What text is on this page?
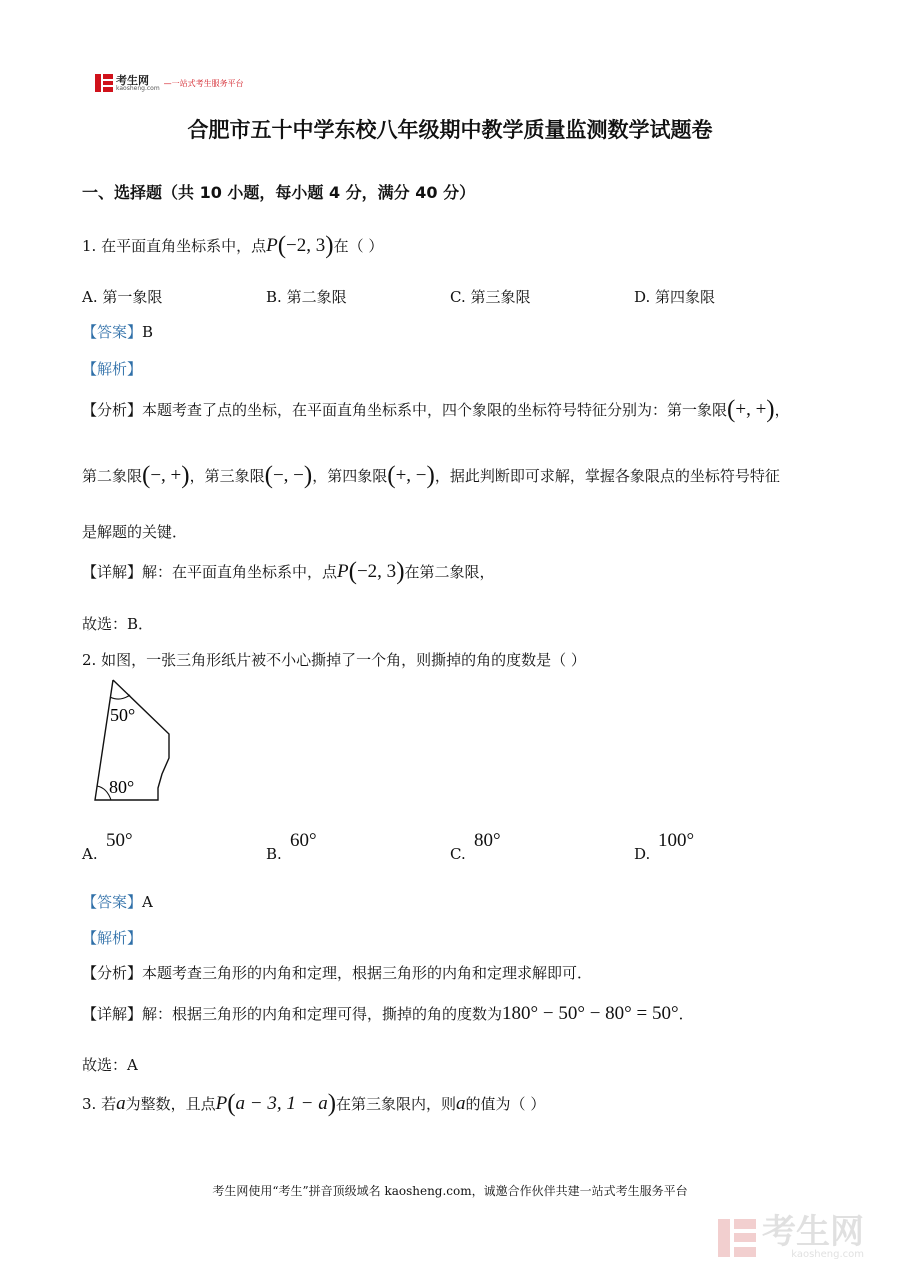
考生网
kaosheng.com
—一站式考生服务平台
合肥市五十中学东校八年级期中教学质量监测数学试题卷
一、选择题（共 10 小题，每小题 4 分，满分 40 分）
1. 在平面直角坐标系中，点P(−2, 3)在（ ）
A. 第一象限	B. 第二象限	C. 第三象限	D. 第四象限
【答案】B
【解析】
【分析】本题考查了点的坐标，在平面直角坐标系中，四个象限的坐标符号特征分别为：第一象限(+, +)，
第二象限(−, +)，第三象限(−, −)，第四象限(+, −)，据此判断即可求解，掌握各象限点的坐标符号特征
是解题的关键．
【详解】解：在平面直角坐标系中，点P(−2, 3)在第二象限，
故选：B．
2. 如图，一张三角形纸片被不小心撕掉了一个角，则撕掉的角的度数是（ ）
50°
80°
A.
50°
B.
60°
C.
80°
D.
100°
【答案】A
【解析】
【分析】本题考查三角形的内角和定理，根据三角形的内角和定理求解即可．
【详解】解：根据三角形的内角和定理可得，撕掉的角的度数为180° − 50° − 80° = 50°．
故选：A
3. 若a为整数，且点P(a − 3, 1 − a)在第三象限内，则a的值为（ ）
考生网使用“考生”拼音顶级域名 kaosheng.com，诚邀合作伙伴共建一站式考生服务平台
考生网
kaosheng.com
